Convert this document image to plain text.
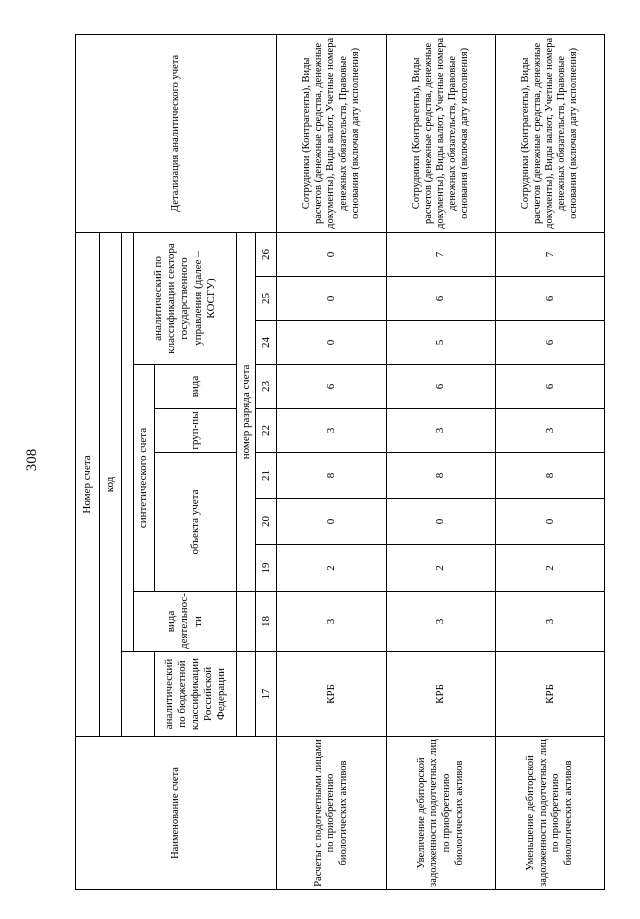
308
Наименование счета	Номер счета										Детализация аналитического учета
	код										

		вида деятельнос-ти	синтетического счета					аналитический по классификации сектора государственного управления (далее – КОСГУ)			
	аналитический по бюджетной классификации Российской Федерации		объекта учета			груп-пы	вида				
			номер разряда счета								
	17	18	19	20	21	22	23	24	25	26	
Расчеты с подотчетными лицами по приобретению биологических активов	КРБ	3	2	0	8	3	6	0	0	0	Сотрудники (Контрагенты), Виды расчетов (денежные средства, денежные документы), Виды валют, Учетные номера денежных обязательств, Правовые основания (включая дату исполнения)
Увеличение дебиторской задолженности подотчетных лиц по приобретению биологических активов	КРБ	3	2	0	8	3	6	5	6	7	Сотрудники (Контрагенты), Виды расчетов (денежные средства, денежные документы), Виды валют, Учетные номера денежных обязательств, Правовые основания (включая дату исполнения)
Уменьшение дебиторской задолженности подотчетных лиц по приобретению биологических активов	КРБ	3	2	0	8	3	6	6	6	7	Сотрудники (Контрагенты), Виды расчетов (денежные средства, денежные документы), Виды валют, Учетные номера денежных обязательств, Правовые основания (включая дату исполнения)
